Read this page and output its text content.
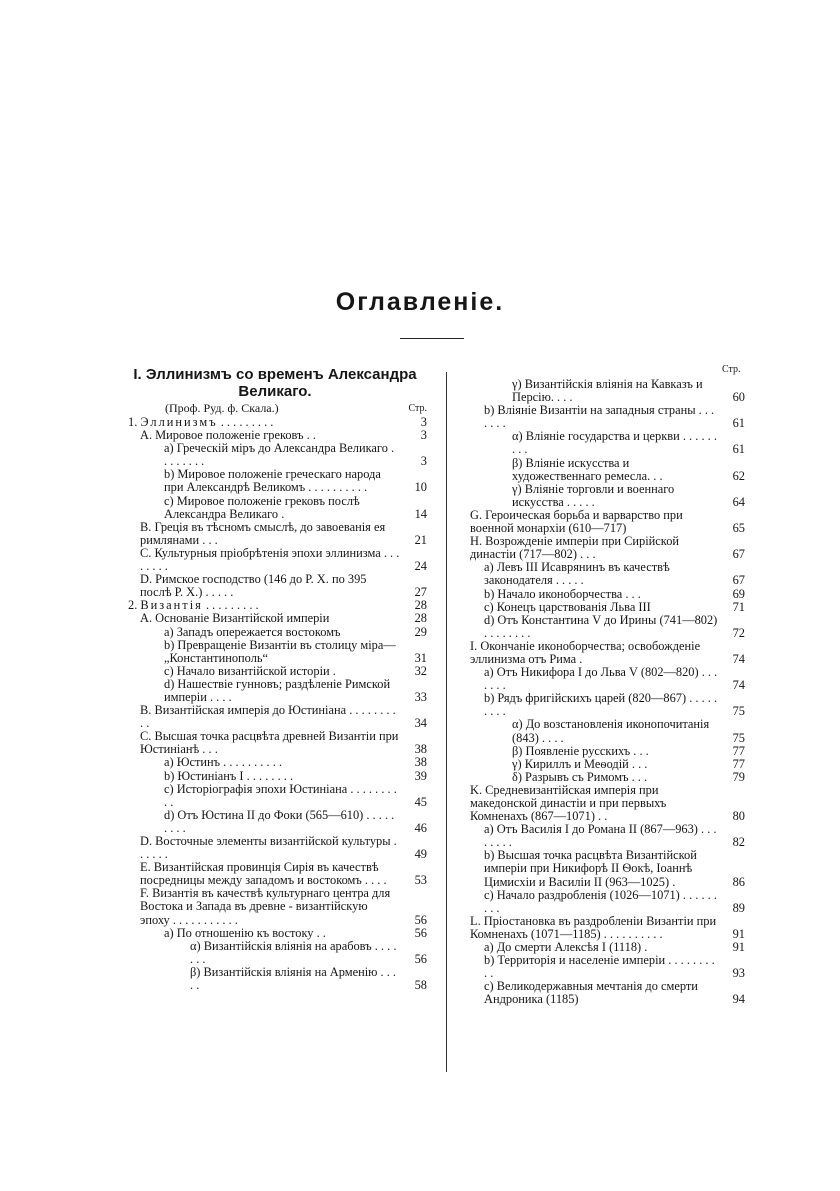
Оглавленіе.
Стр.
I. Эллинизмъ со временъ Александра Великаго.
(Проф. Руд. ф. Скала.)	Стр.
1. Эллинизмъ . . . . . . . . .	3
А. Мировое положеніе грековъ . .	3
a) Греческій міръ до Александра Великаго . . . . . . . .	3
b) Мировое положеніе греческаго народа при Александрѣ Великомъ . . . . . . . . . .	10
c) Мировое положеніе грековъ послѣ Александра Великаго .	14
B. Греція въ тѣсномъ смыслѣ, до завоеванія ея римлянами . . .	21
C. Культурныя пріобрѣтенія эпохи эллинизма . . . . . . . .	24
D. Римское господство (146 до Р. Х. по 395 послѣ Р. Х.) . . . . .	27
2. Византія . . . . . . . . .	28
А. Основаніе Византійской имперіи	28
a) Западъ опережается востокомъ	29
b) Превращеніе Византіи въ столицу міра—„Константинополь“	31
c) Начало византійской исторіи .	32
d) Нашествіе гунновъ; раздѣленіе Римской имперіи . . . .	33
B. Византійская имперія до Юстиніана . . . . . . . . . .	34
C. Высшая точка расцвѣта древней Византіи при Юстиніанѣ . . .	38
a) Юстинъ . . . . . . . . . .	38
b) Юстиніанъ I . . . . . . . .	39
c) Исторіографія эпохи Юстиніана . . . . . . . . . .	45
d) Отъ Юстина II до Фоки (565—610) . . . . . . . . .	46
D. Восточные элементы византійской культуры . . . . . .	49
E. Византійская провинція Сирія въ качествѣ посредницы между западомъ и востокомъ . . . .	53
F. Византія въ качествѣ культурнаго центра для Востока и Запада въ древне - византійскую эпоху . . . . . . . . . . .	56
a) По отношенію къ востоку . .	56
α) Византійскія вліянія на арабовъ . . . . . . .	56
β) Византійскія вліянія на Арменію . . . . .	58
γ) Византійскія вліянія на Кавказъ и Персію. . . .	60
b) Вліяніе Византіи на западныя страны . . . . . . .	61
α) Вліяніе государства и церкви . . . . . . . . .	61
β) Вліяніе искусства и художественнаго ремесла. . .	62
γ) Вліяніе торговли и военнаго искусства . . . . .	64
G. Героическая борьба и варварство при военной монархіи (610—717)	65
H. Возрожденіе имперіи при Сирійской династіи (717—802) . . .	67
a) Левъ III Исаврянинъ въ качествѣ законодателя . . . . .	67
b) Начало иконоборчества . . .	69
c) Конецъ царствованія Льва III	71
d) Отъ Константина V до Ирины (741—802) . . . . . . . .	72
I. Окончаніе иконоборчества; освобожденіе эллинизма отъ Рима .	74
a) Отъ Никифора I до Льва V (802—820) . . . . . . .	74
b) Рядъ фригійскихъ царей (820—867) . . . . . . . . .	75
α) До возстановленія иконопочитанія (843) . . . .	75
β) Появленіе русскихъ . . .	77
γ) Кириллъ и Меѳодій . . .	77
δ) Разрывъ съ Римомъ . . .	79
K. Средневизантійская имперія при македонской династіи и при первыхъ Комненахъ (867—1071) . .	80
a) Отъ Василія I до Романа II (867—963) . . . . . . . .	82
b) Высшая точка расцвѣта Византійской имперіи при Никифорѣ II Ѳокѣ, Іоаннѣ Цимисхіи и Василіи II (963—1025) .	86
c) Начало раздробленія (1026—1071) . . . . . . . . .	89
L. Пріостановка въ раздробленіи Византіи при Комненахъ (1071—1185) . . . . . . . . . .	91
a) До смерти Алексѣя I (1118) .	91
b) Территорія и населеніе имперіи . . . . . . . . . .	93
c) Великодержавныя мечтанія до смерти Андроника (1185)	94
